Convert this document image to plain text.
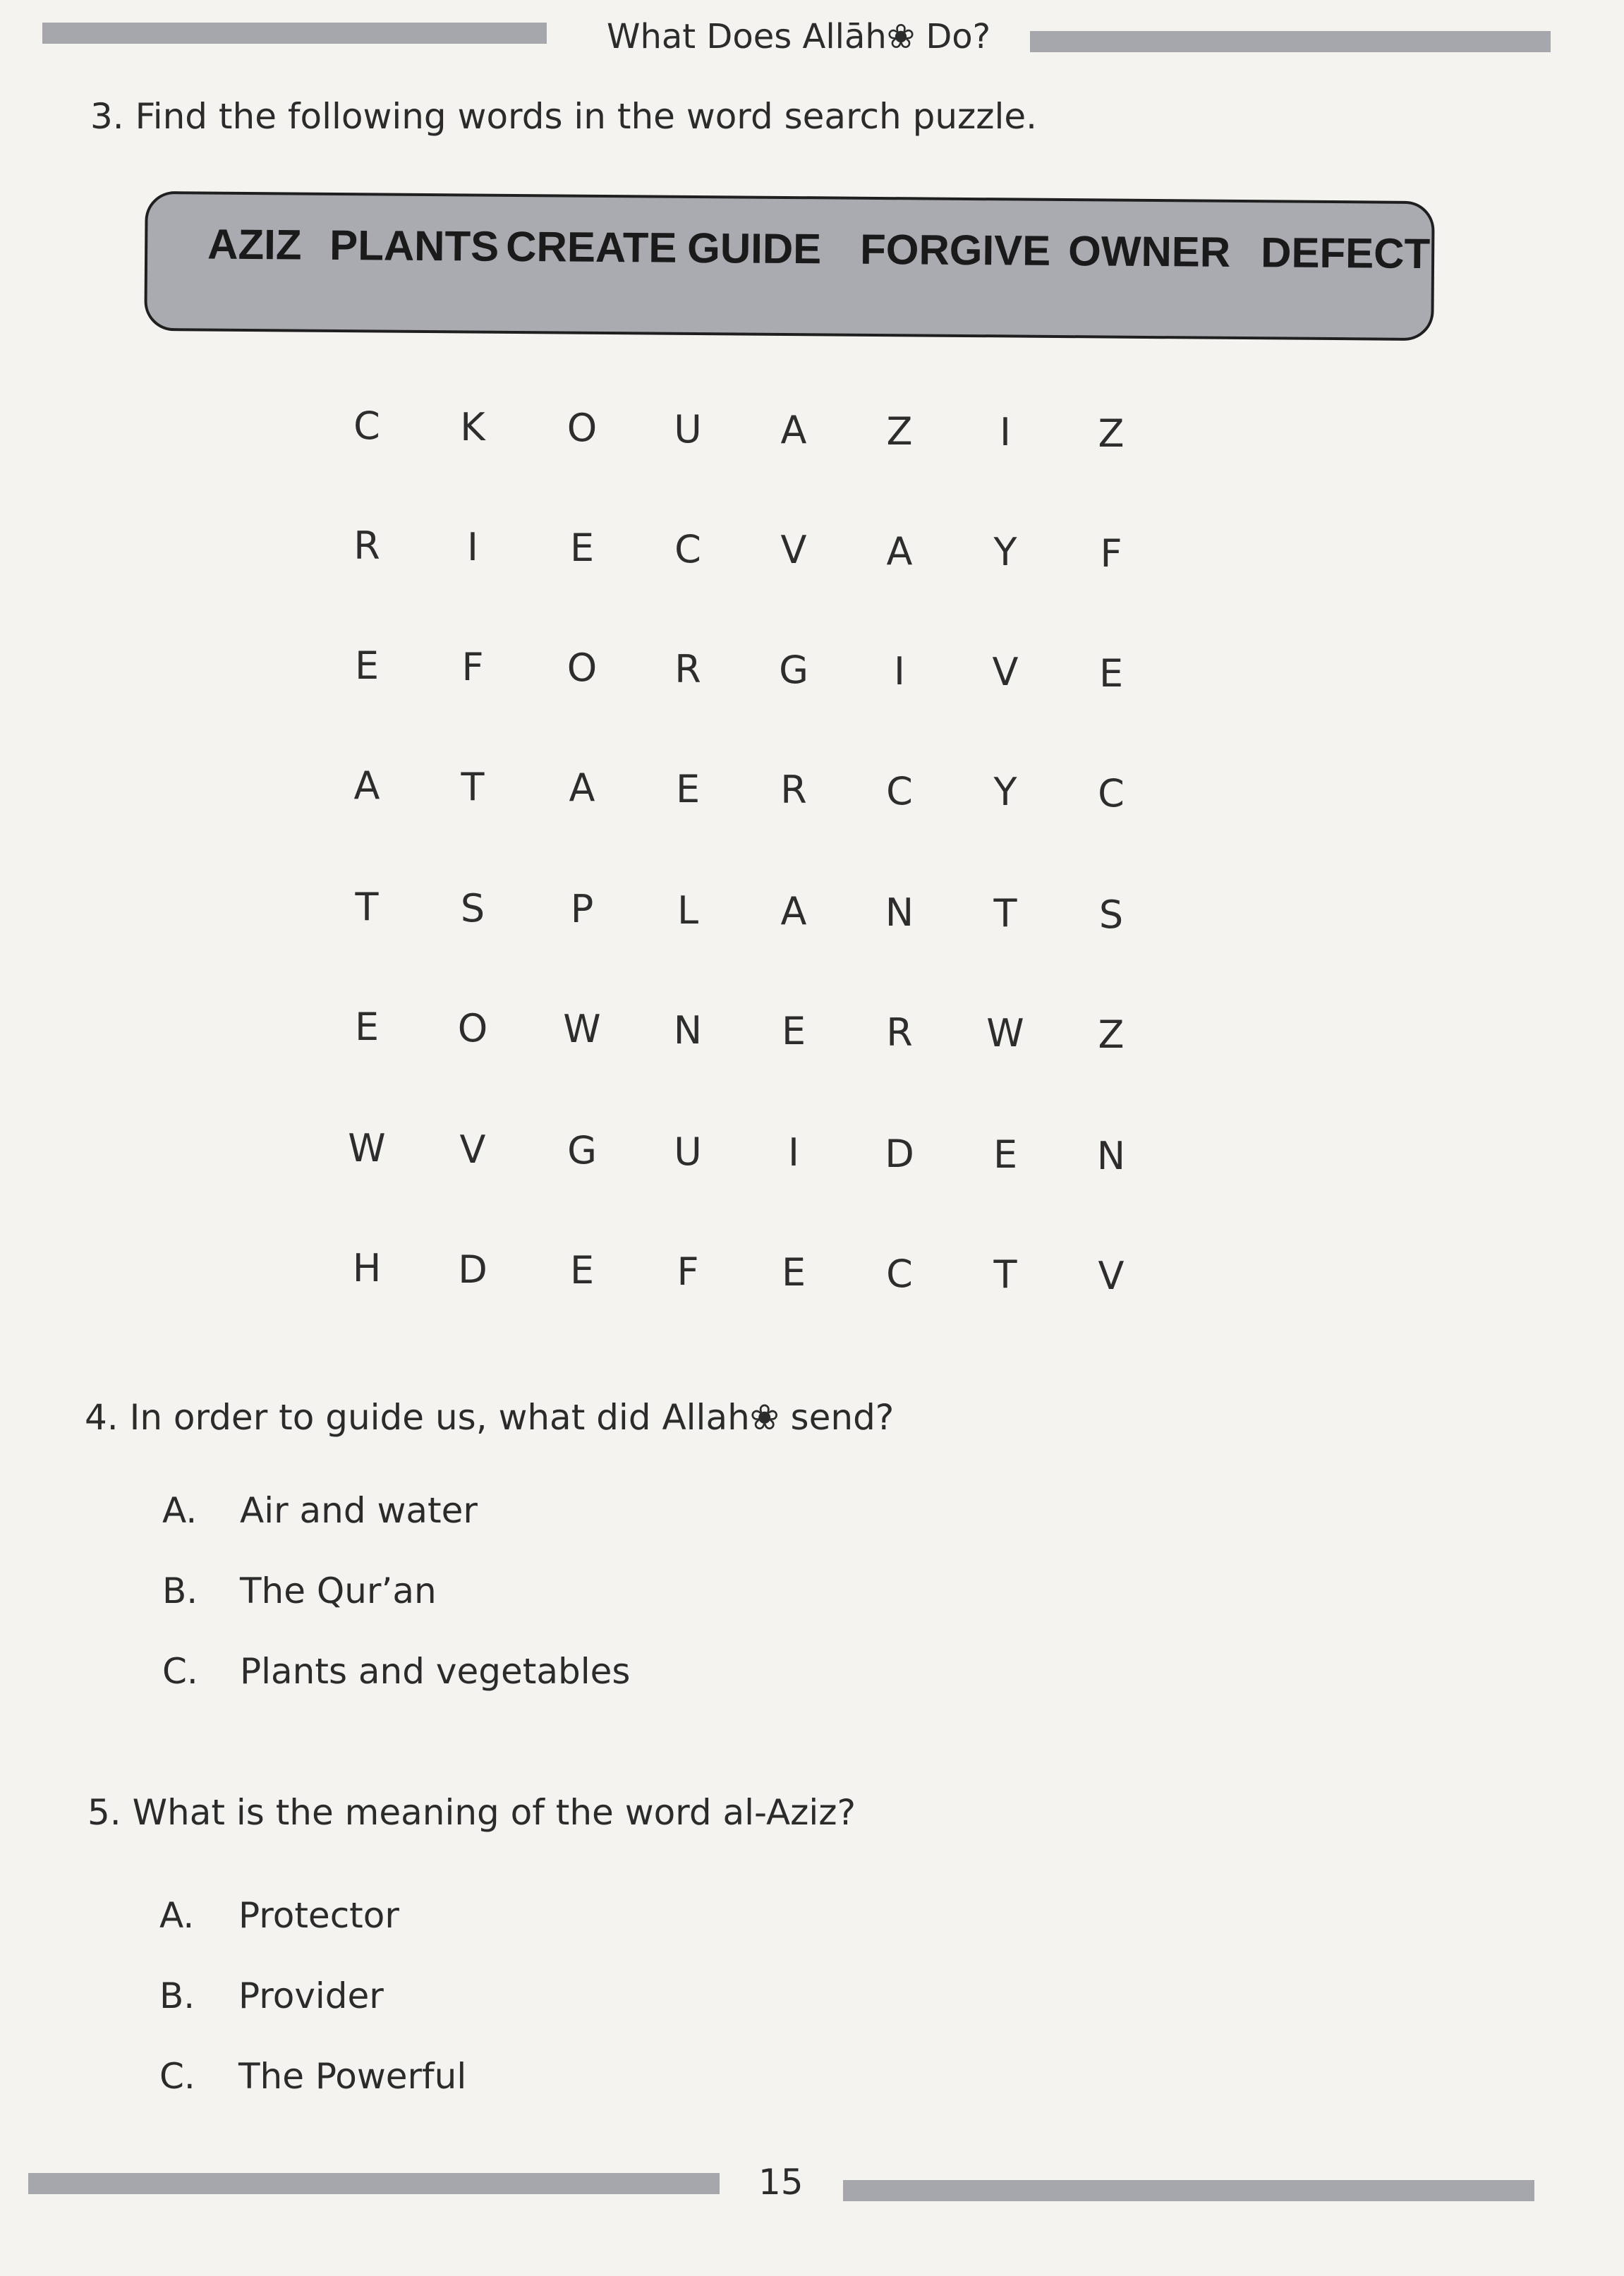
What Does Allāh❀ Do?
3. Find the following words in the word search puzzle.
AZIZ PLANTS CREATE GUIDE FORGIVE OWNER DEFECT
C	K	O	U	A	Z	I	Z
R	I	E	C	V	A	Y	F
E	F	O	R	G	I	V	E
A	T	A	E	R	C	Y	C
T	S	P	L	A	N	T	S
E	O	W	N	E	R	W	Z
W	V	G	U	I	D	E	N
H	D	E	F	E	C	T	V
4. In order to guide us, what did Allah❀ send?
A. Air and water
B. The Qur’an
C. Plants and vegetables
5. What is the meaning of the word al-Aziz?
A. Protector
B. Provider
C. The Powerful
15
